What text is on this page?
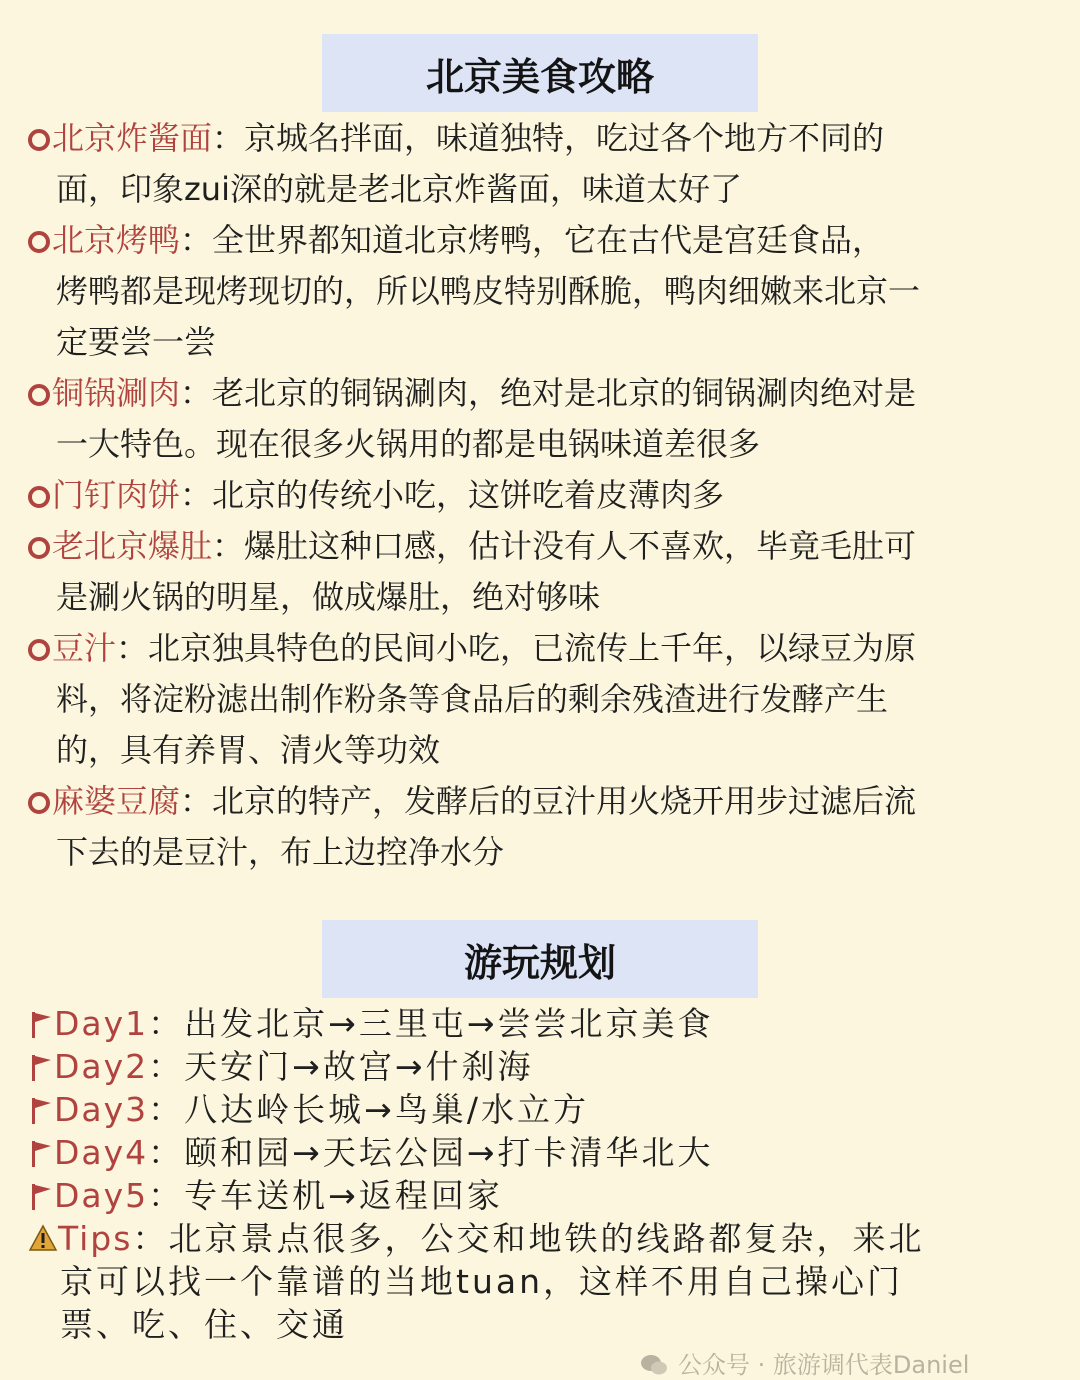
北京美食攻略
北京炸酱面：京城名拌面，味道独特，吃过各个地方不同的
面，印象zui深的就是老北京炸酱面，味道太好了
北京烤鸭：全世界都知道北京烤鸭，它在古代是宫廷食品，
烤鸭都是现烤现切的，所以鸭皮特别酥脆，鸭肉细嫩来北京一
定要尝一尝
铜锅涮肉：老北京的铜锅涮肉，绝对是北京的铜锅涮肉绝对是
一大特色。现在很多火锅用的都是电锅味道差很多
门钉肉饼：北京的传统小吃，这饼吃着皮薄肉多
老北京爆肚：爆肚这种口感，估计没有人不喜欢，毕竟毛肚可
是涮火锅的明星，做成爆肚，绝对够味
豆汁：北京独具特色的民间小吃，已流传上千年，以绿豆为原
料，将淀粉滤出制作粉条等食品后的剩余残渣进行发酵产生
的，具有养胃、清火等功效
麻婆豆腐：北京的特产，发酵后的豆汁用火烧开用步过滤后流
下去的是豆汁，布上边控净水分
游玩规划
Day1：出发北京→三里屯→尝尝北京美食
Day2：天安门→故宫→什刹海
Day3：八达岭长城→鸟巢/水立方
Day4：颐和园→天坛公园→打卡清华北大
Day5：专车送机→返程回家
Tips：北京景点很多，公交和地铁的线路都复杂，来北
京可以找一个靠谱的当地tuan，这样不用自己操心门
票、吃、住、交通
公众号 · 旅游调代表Daniel
